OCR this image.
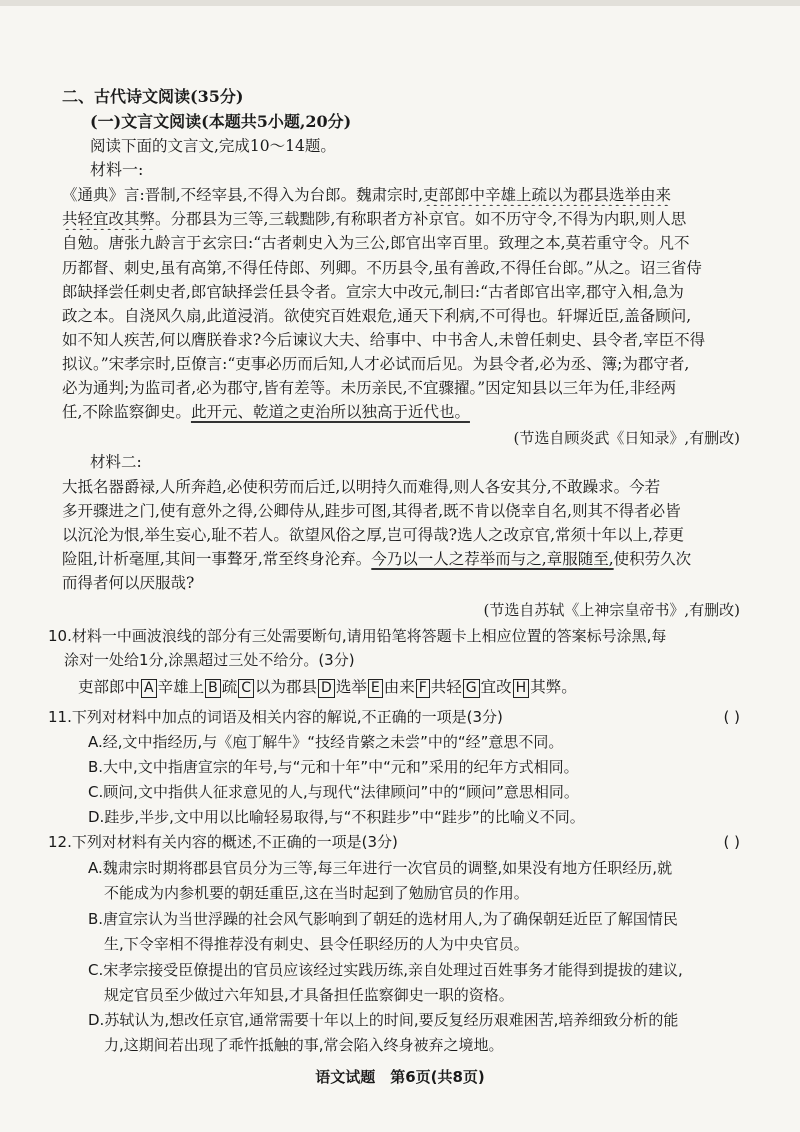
二、古代诗文阅读(35分)
(一)文言文阅读(本题共5小题,20分)
阅读下面的文言文,完成10～14题。
材料一:
《通典》言:晋制,不经宰县,不得入为台郎。魏肃宗时,吏部郎中辛雄上疏以为郡县选举由来
共轻宜改其弊。分郡县为三等,三载黜陟,有称职者方补京官。如不历守令,不得为内职,则人思
自勉。唐张九龄言于玄宗曰:“古者刺史入为三公,郎官出宰百里。致理之本,莫若重守令。凡不
历都督、刺史,虽有高第,不得任侍郎、列卿。不历县令,虽有善政,不得任台郎。”从之。诏三省侍
郎缺择尝任刺史者,郎官缺择尝任县令者。宣宗大中改元,制曰:“古者郎官出宰,郡守入相,急为
政之本。自浇风久扇,此道浸消。欲使究百姓艰危,通天下利病,不可得也。轩墀近臣,盖备顾问,
如不知人疾苦,何以膺朕眷求?今后谏议大夫、给事中、中书舍人,未曾任刺史、县令者,宰臣不得
拟议。”宋孝宗时,臣僚言:“吏事必历而后知,人才必试而后见。为县令者,必为丞、簿;为郡守者,
必为通判;为监司者,必为郡守,皆有差等。未历亲民,不宜骤擢。”因定知县以三年为任,非经两
任,不除监察御史。此开元、乾道之吏治所以独高于近代也。
(节选自顾炎武《日知录》,有删改)
材料二:
大抵名器爵禄,人所奔趋,必使积劳而后迁,以明持久而难得,则人各安其分,不敢躁求。今若
多开骤进之门,使有意外之得,公卿侍从,跬步可图,其得者,既不肯以侥幸自名,则其不得者必皆
以沉沦为恨,举生妄心,耻不若人。欲望风俗之厚,岂可得哉?选人之改京官,常须十年以上,荐更
险阻,计析毫厘,其间一事聱牙,常至终身沦弃。今乃以一人之荐举而与之,章服随至,使积劳久次
而得者何以厌服哉?
(节选自苏轼《上神宗皇帝书》,有删改)
10.材料一中画波浪线的部分有三处需要断句,请用铅笔将答题卡上相应位置的答案标号涂黑,每
涂对一处给1分,涂黑超过三处不给分。(3分)
吏部郎中 A 辛雄上 B 疏 C 以为郡县 D 选举 E 由来 F 共轻 G 宜改 H 其弊。
11.下列对材料中加点的词语及相关内容的解说,不正确的一项是(3分)	( )
A.经,文中指经历,与《庖丁解牛》“技经肯綮之未尝”中的“经”意思不同。
B.大中,文中指唐宣宗的年号,与“元和十年”中“元和”采用的纪年方式相同。
C.顾问,文中指供人征求意见的人,与现代“法律顾问”中的“顾问”意思相同。
D.跬步,半步,文中用以比喻轻易取得,与“不积跬步”中“跬步”的比喻义不同。
12.下列对材料有关内容的概述,不正确的一项是(3分)	( )
A.魏肃宗时期将郡县官员分为三等,每三年进行一次官员的调整,如果没有地方任职经历,就
不能成为内参机要的朝廷重臣,这在当时起到了勉励官员的作用。
B.唐宣宗认为当世浮躁的社会风气影响到了朝廷的选材用人,为了确保朝廷近臣了解国情民
生,下令宰相不得推荐没有刺史、县令任职经历的人为中央官员。
C.宋孝宗接受臣僚提出的官员应该经过实践历练,亲自处理过百姓事务才能得到提拔的建议,
规定官员至少做过六年知县,才具备担任监察御史一职的资格。
D.苏轼认为,想改任京官,通常需要十年以上的时间,要反复经历艰难困苦,培养细致分析的能
力,这期间若出现了乖忤抵触的事,常会陷入终身被弃之境地。
语文试题　第6页(共8页)
